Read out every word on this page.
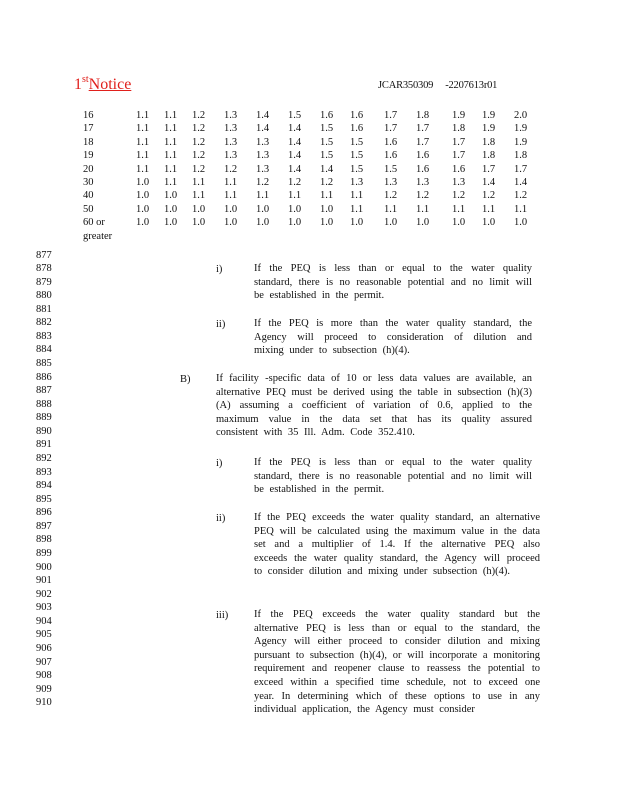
1stNotice	JCAR350309 -2207613r01
16	1.1 1.1 1.2 1.3 1.4 1.5 1.6 1.6 1.7 1.8 1.9 1.9 2.0
17	1.1 1.1 1.2 1.3 1.4 1.4 1.5 1.6 1.7 1.7 1.8 1.9 1.9
18	1.1 1.1 1.2 1.3 1.3 1.4 1.5 1.5 1.6 1.7 1.7 1.8 1.9
19	1.1 1.1 1.2 1.3 1.3 1.4 1.5 1.5 1.6 1.6 1.7 1.8 1.8
20	1.1 1.1 1.2 1.2 1.3 1.4 1.4 1.5 1.5 1.6 1.6 1.7 1.7
30	1.0 1.1 1.1 1.1 1.2 1.2 1.2 1.3 1.3 1.3 1.3 1.4 1.4
40	1.0 1.0 1.1 1.1 1.1 1.1 1.1 1.1 1.2 1.2 1.2 1.2 1.2
50	1.0 1.0 1.0 1.0 1.0 1.0 1.0 1.1 1.1 1.1 1.1 1.1 1.1
60 or	1.0 1.0 1.0 1.0 1.0 1.0 1.0 1.0 1.0 1.0 1.0 1.0 1.0
greater
877
878
879
880
881
882
883
884
885
886
887
888
889
890
891
892
893
894
895
896
897
898
899
900
901
902
903
904
905
906
907
908
909
910
i)	If the PEQ is less than or equal to the water quality standard, there is no reasonable potential and no limit will be established in the permit.
ii)	If the PEQ is more than the water quality standard, the Agency will proceed to consideration of dilution and mixing under to subsection (h)(4).
B) If facility -specific data of 10 or less data values are available, an alternative PEQ must be derived using the table in subsection (h)(3)(A) assuming a coefficient of variation of 0.6, applied to the maximum value in the data set that has its quality assured consistent with 35 Ill. Adm. Code 352.410.
i)	If the PEQ is less than or equal to the water quality standard, there is no reasonable potential and no limit will be established in the permit.
ii)	If the PEQ exceeds the water quality standard, an alternative PEQ will be calculated using the maximum value in the data set and a multiplier of 1.4. If the alternative PEQ also exceeds the water quality standard, the Agency will proceed to consider dilution and mixing under subsection (h)(4).
iii) If the PEQ exceeds the water quality standard but the alternative PEQ is less than or equal to the standard, the Agency will either proceed to consider dilution and mixing pursuant to subsection (h)(4), or will incorporate a monitoring requirement and reopener clause to reassess the potential to exceed within a specified time schedule, not to exceed one year. In determining which of these options to use in any individual application, the Agency must consider
